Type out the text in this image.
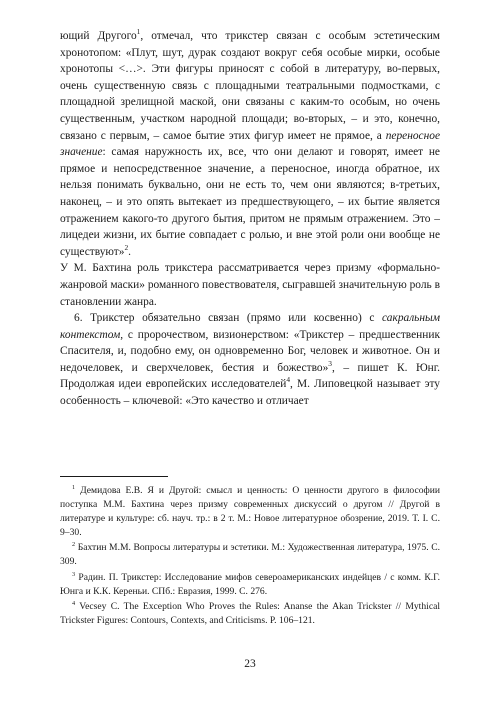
ющий Другого$^1$, отмечал, что трикстер связан с особым эстетическим хронотопом: «Плут, шут, дурак создают вокруг себя особые мирки, особые хронотопы <…>. Эти фигуры приносят с собой в литературу, во-первых, очень существенную связь с площадными театральными подмостками, с площадной зрелищной маской, они связаны с каким-то особым, но очень существенным, участком народной площади; во-вторых, – и это, конечно, связано с первым, – самое бытие этих фигур имеет не прямое, а переносное значение: самая наружность их, все, что они делают и говорят, имеет не прямое и непосредственное значение, а переносное, иногда обратное, их нельзя понимать буквально, они не есть то, чем они являются; в-третьих, наконец, – и это опять вытекает из предшествующего, – их бытие является отражением какого-то другого бытия, притом не прямым отражением. Это – лицедеи жизни, их бытие совпадает с ролью, и вне этой роли они вообще не существуют»$^2$.

У М. Бахтина роль трикстера рассматривается через призму «формально-жанровой маски» романного повествователя, сыгравшей значительную роль в становлении жанра.

6. Трикстер обязательно связан (прямо или косвенно) с сакральным контекстом, с пророчеством, визионерством: «Трикстер – предшественник Спасителя, и, подобно ему, он одновременно Бог, человек и животное. Он и недочеловек, и сверхчеловек, бестия и божество»$^3$, – пишет К. Юнг. Продолжая идеи европейских исследователей$^4$, М. Липовецкой называет эту особенность – ключевой: «Это качество и отличает

$^1$ Демидова Е.В. Я и Другой: смысл и ценность: О ценности другого в философии поступка М.М. Бахтина через призму современных дискуссий о другом // Другой в литературе и культуре: сб. науч. тр.: в 2 т. М.: Новое литературное обозрение, 2019. Т. I. С. 9–30.

$^2$ Бахтин М.М. Вопросы литературы и эстетики. М.: Художественная литература, 1975. С. 309.

$^3$ Радин. П. Трикстер: Исследование мифов североамериканских индейцев / с комм. К.Г. Юнга и К.К. Кереньи. СПб.: Евразия, 1999. С. 276.

$^4$ Vecsey C. The Exception Who Proves the Rules: Ananse the Akan Trickster // Mythical Trickster Figures: Contours, Contexts, and Criticisms. P. 106–121.

23
